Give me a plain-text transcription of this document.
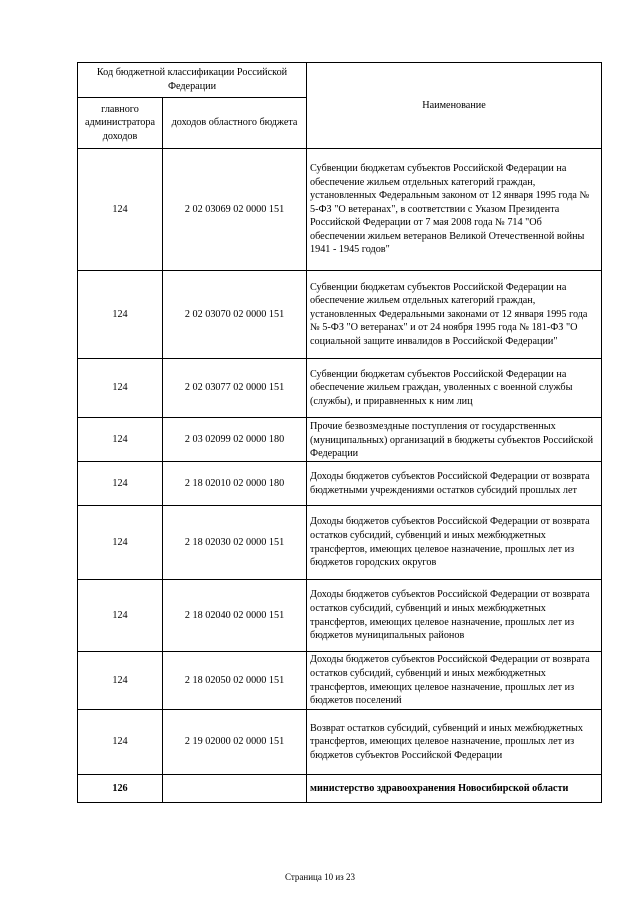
Код бюджетной классификации Российской Федерации		Наименование
главного администратора доходов	доходов областного бюджета	
124	2 02 03069 02 0000 151	Субвенции бюджетам субъектов Российской Федерации на обеспечение жильем отдельных категорий граждан, установленных Федеральным законом от 12 января 1995 года № 5-ФЗ "О ветеранах", в соответствии с Указом Президента Российской Федерации от 7 мая 2008 года № 714 "Об обеспечении жильем ветеранов Великой Отечественной войны 1941 - 1945 годов"
124	2 02 03070 02 0000 151	Субвенции бюджетам субъектов Российской Федерации на обеспечение жильем отдельных категорий граждан, установленных Федеральными законами от 12 января 1995 года № 5-ФЗ "О ветеранах" и от 24 ноября 1995 года № 181-ФЗ "О социальной защите инвалидов в Российской Федерации"
124	2 02 03077 02 0000 151	Субвенции бюджетам субъектов Российской Федерации на обеспечение жильем граждан, уволенных с военной службы (службы), и приравненных к ним лиц
124	2 03 02099 02 0000 180	Прочие безвозмездные поступления от государственных (муниципальных) организаций в бюджеты субъектов Российской Федерации
124	2 18 02010 02 0000 180	Доходы бюджетов субъектов Российской Федерации от возврата бюджетными учреждениями остатков субсидий прошлых лет
124	2 18 02030 02 0000 151	Доходы бюджетов субъектов Российской Федерации от возврата остатков субсидий, субвенций и иных межбюджетных трансфертов, имеющих целевое назначение, прошлых лет из бюджетов городских округов
124	2 18 02040 02 0000 151	Доходы бюджетов субъектов Российской Федерации от возврата остатков субсидий, субвенций и иных межбюджетных трансфертов, имеющих целевое назначение, прошлых лет из бюджетов муниципальных районов
124	2 18 02050 02 0000 151	Доходы бюджетов субъектов Российской Федерации от возврата остатков субсидий, субвенций и иных межбюджетных трансфертов, имеющих целевое назначение, прошлых лет из бюджетов поселений
124	2 19 02000 02 0000 151	Возврат остатков субсидий, субвенций и иных межбюджетных трансфертов, имеющих целевое назначение, прошлых лет из бюджетов субъектов Российской Федерации
126		министерство здравоохранения Новосибирской области
Страница 10 из 23
